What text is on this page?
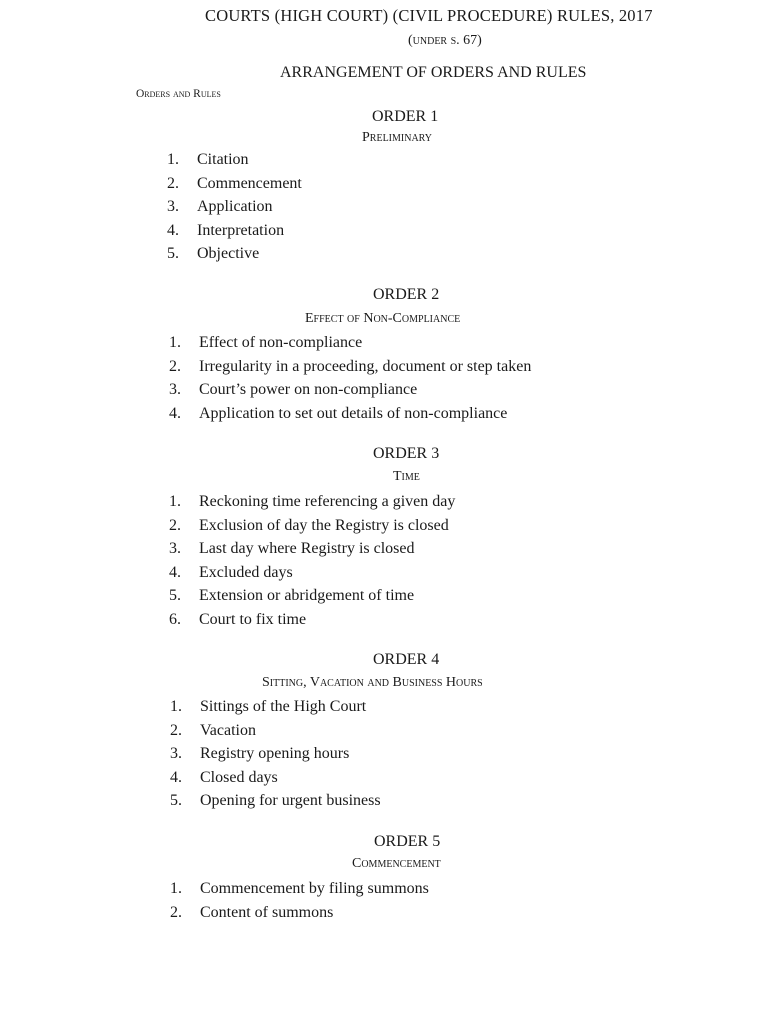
COURTS (HIGH COURT) (CIVIL PROCEDURE) RULES, 2017
(under s. 67)
ARRANGEMENT OF ORDERS AND RULES
Orders and Rules
ORDER 1
Preliminary
1. Citation
2. Commencement
3. Application
4. Interpretation
5. Objective
ORDER 2
Effect of Non-Compliance
1. Effect of non-compliance
2. Irregularity in a proceeding, document or step taken
3. Court’s power on non-compliance
4. Application to set out details of non-compliance
ORDER 3
Time
1. Reckoning time referencing a given day
2. Exclusion of day the Registry is closed
3. Last day where Registry is closed
4. Excluded days
5. Extension or abridgement of time
6. Court to fix time
ORDER 4
Sitting, Vacation and Business Hours
1. Sittings of the High Court
2. Vacation
3. Registry opening hours
4. Closed days
5. Opening for urgent business
ORDER 5
Commencement
1. Commencement by filing summons
2. Content of summons
